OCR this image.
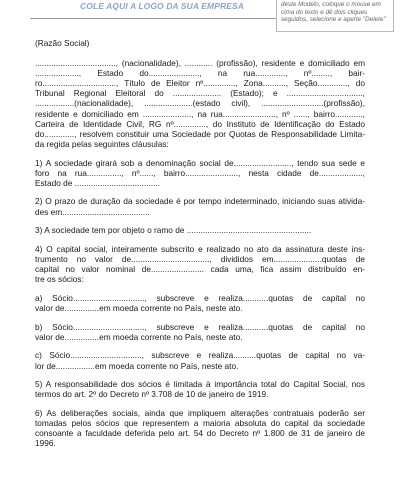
COLE AQUI A LOGO DA SUA EMPRESA	deste Modelo, coloque o mouse em cima do texto e dê dois cliques seguidos, selecione e aperte "Delete"

(Razão Social)

..................................., (nacionalidade), ............ (profissão), residente e domiciliado em
..................., Estado do......................, na rua............., nº........, bair-
ro................................, Título de Eleitor nº.............., Zona.........., Seção............., do
Tribunal Regional Eleitoral do ..................... (Estado); e .................................,
.................(nacionalidade), .....................(estado civil), ...........................(profissão),
residente e domiciliado em ....................., na rua......................., nº ......, bairro............,
Carteira de Identidade Civil, RG nº.............., do Instituto de Identificação do Estado
do............., resolvem constituir uma Sociedade por Quotas de Responsabilidade Limita-
da regida pelas seguintes cláusulas:

1) A sociedade girará sob a denominação social de........................., tendo sua sede e
foro na rua..............., nº......, bairro......................., nesta cidade de...................,
Estado de .....................................

2) O prazo de duração da sociedade é por tempo indeterminado, iniciando suas ativida-
des em......................................

3) A sociedade tem por objeto o ramo de ......................................................

4) O capital social, inteiramente subscrito e realizado no ato da assinatura deste ins-
trumento no valor de.................................., divididos em.....................quotas de
capital no valor nominal de....................... cada uma, fica assim distribuído en-
tre os sócios:

a) Sócio..............................., subscreve e realiza...........quotas de capital no
valor de...............em moeda corrente no País, neste ato.

b) Sócio..............................., subscreve e realiza...........quotas de capital no
valor de...............em moeda corrente no País, neste ato.

c) Sócio..............................., subscreve e realiza..........quotas de capital no va-
lor de.................em moeda corrente no País, neste ato.

5) A responsabilidade dos sócios é limitada à importância total do Capital Social, nos
termos do art. 2º do Decreto nº 3.708 de 10 de janeiro de 1919.

6) As deliberações sociais, ainda que impliquem alterações contratuais poderão ser
tomadas pelos sócios que representem a maioria absoluta do capital da sociedade
consoante a faculdade deferida pelo art. 54 do Decreto nº 1.800 de 31 de janeiro de
1996.
